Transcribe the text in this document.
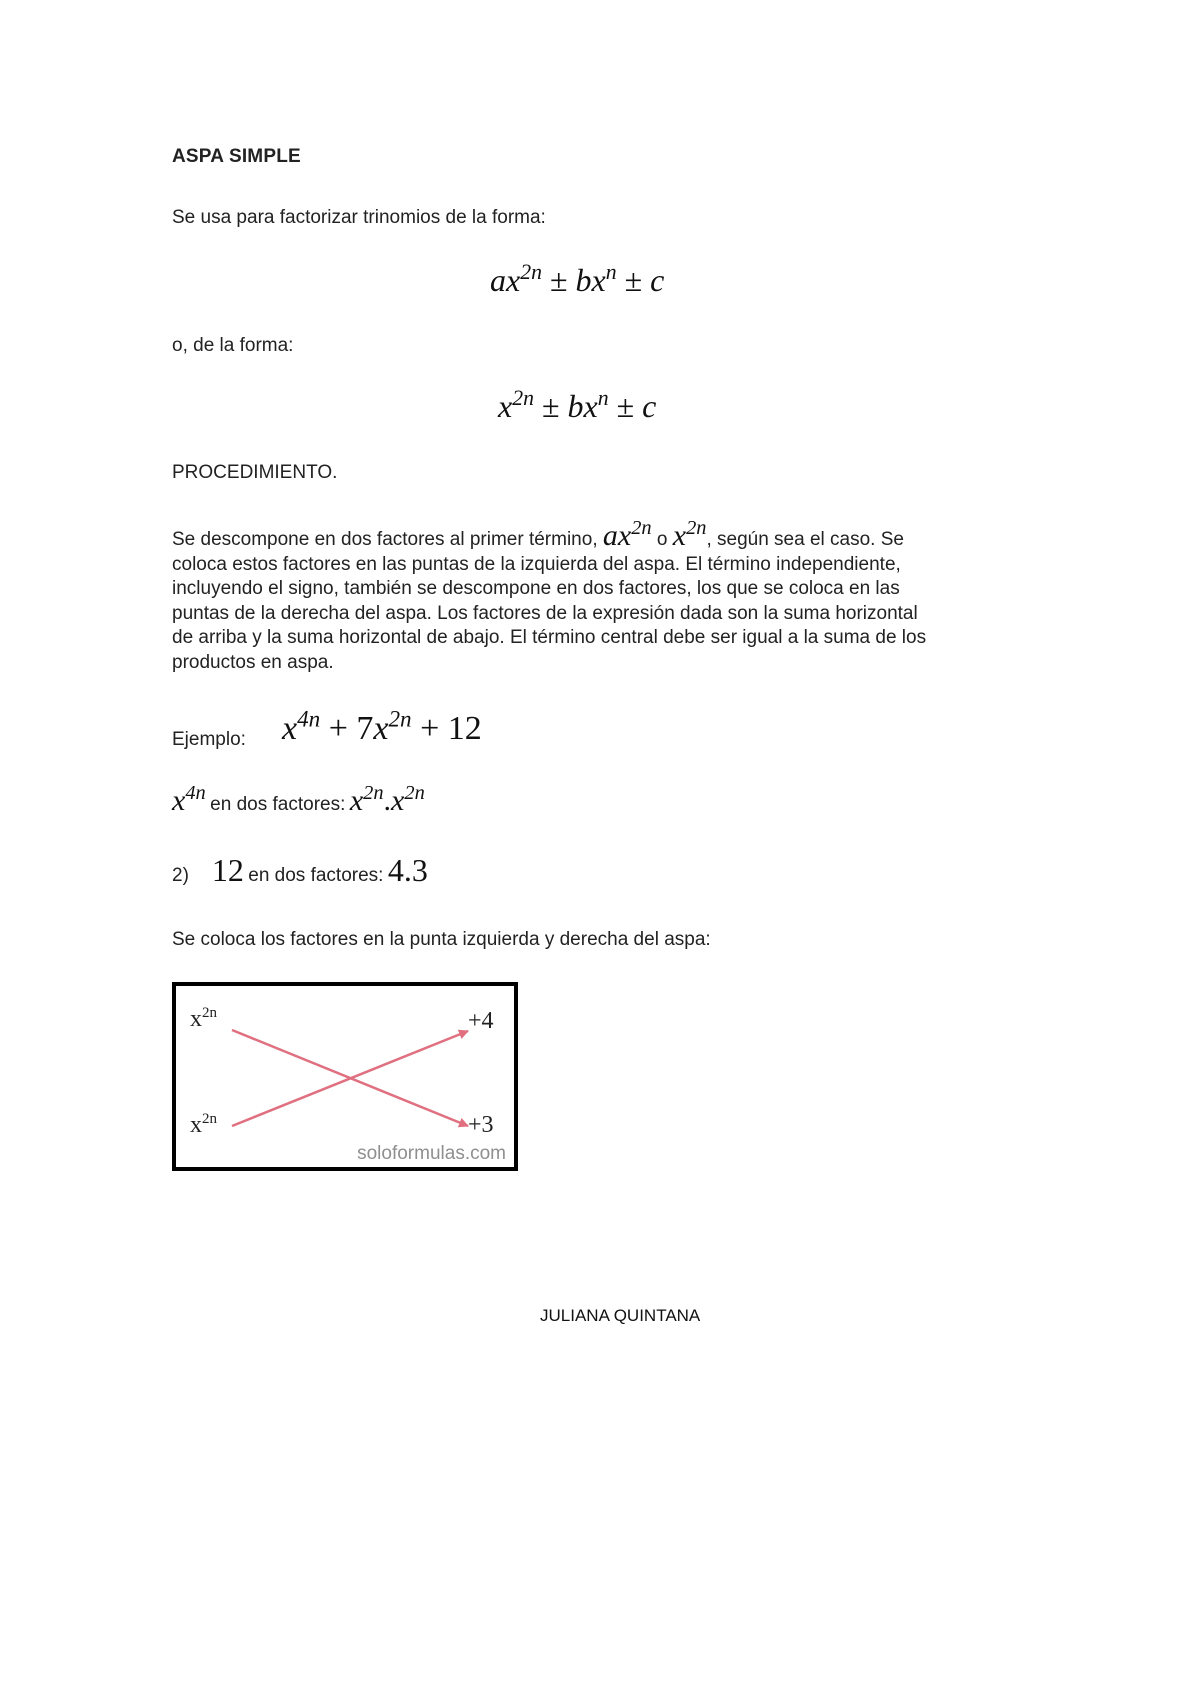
ASPA SIMPLE
Se usa para factorizar trinomios de la forma:
$ax^{2n} \pm bx^n \pm c$
o, de la forma:
$x^{2n} \pm bx^n \pm c$
PROCEDIMIENTO.
Se descompone en dos factores al primer término, $ax^{2n}$ o $x^{2n}$, según sea el caso. Se
coloca estos factores en las puntas de la izquierda del aspa. El término independiente,
incluyendo el signo, también se descompone en dos factores, los que se coloca en las
puntas de la derecha del aspa. Los factores de la expresión dada son la suma horizontal
de arriba y la suma horizontal de abajo. El término central debe ser igual a la suma de los
productos en aspa.
Ejemplo: $x^{4n} + 7x^{2n} + 12$
$x^{4n}$ en dos factores: $x^{2n}.x^{2n}$
2) 12 en dos factores: 4.3
Se coloca los factores en la punta izquierda y derecha del aspa:
$x^{2n}$
$x^{2n}$
+4
+3
soloformulas.com
JULIANA QUINTANA
